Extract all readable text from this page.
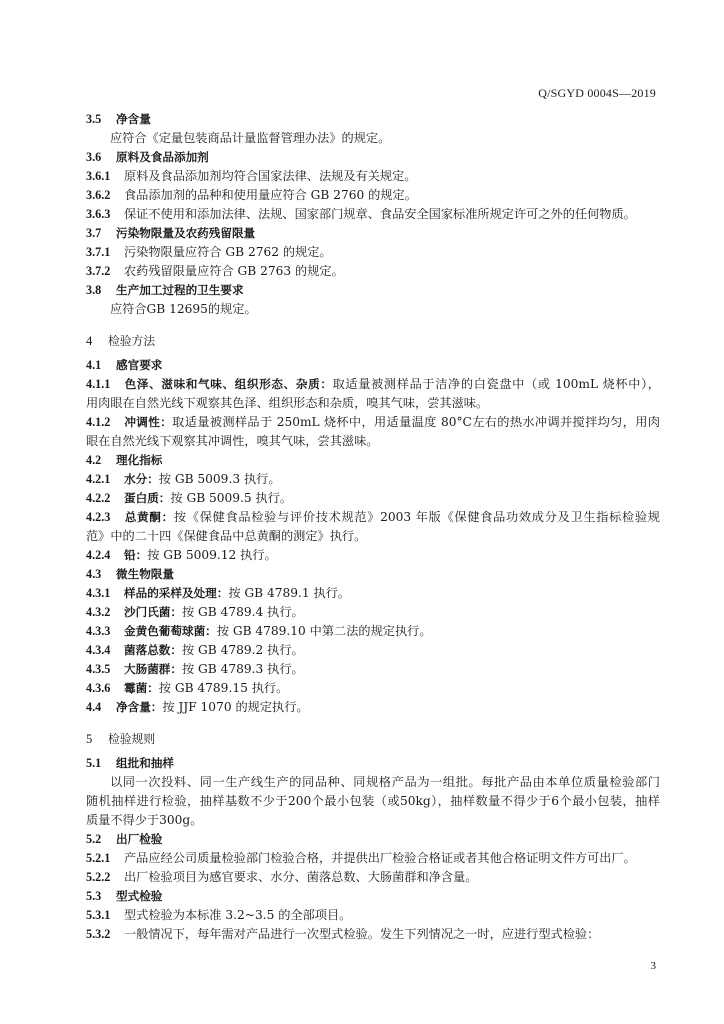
Q/SGYD 0004S—2019
3.5 净含量
应符合《定量包装商品计量监督管理办法》的规定。
3.6 原料及食品添加剂
3.6.1 原料及食品添加剂均符合国家法律、法规及有关规定。
3.6.2 食品添加剂的品种和使用量应符合 GB 2760 的规定。
3.6.3 保证不使用和添加法律、法规、国家部门规章、食品安全国家标准所规定许可之外的任何物质。
3.7 污染物限量及农药残留限量
3.7.1 污染物限量应符合 GB 2762 的规定。
3.7.2 农药残留限量应符合 GB 2763 的规定。
3.8 生产加工过程的卫生要求
应符合GB 12695的规定。
4 检验方法
4.1 感官要求
4.1.1 色泽、滋味和气味、组织形态、杂质：取适量被测样品于洁净的白瓷盘中（或 100mL 烧杯中），
用肉眼在自然光线下观察其色泽、组织形态和杂质，嗅其气味，尝其滋味。
4.1.2 冲调性：取适量被测样品于 250mL 烧杯中，用适量温度 80°C左右的热水冲调并搅拌均匀，用肉
眼在自然光线下观察其冲调性，嗅其气味，尝其滋味。
4.2 理化指标
4.2.1 水分：按 GB 5009.3 执行。
4.2.2 蛋白质：按 GB 5009.5 执行。
4.2.3 总黄酮：按《保健食品检验与评价技术规范》2003 年版《保健食品功效成分及卫生指标检验规
范》中的二十四《保健食品中总黄酮的测定》执行。
4.2.4 铅：按 GB 5009.12 执行。
4.3 微生物限量
4.3.1 样品的采样及处理：按 GB 4789.1 执行。
4.3.2 沙门氏菌：按 GB 4789.4 执行。
4.3.3 金黄色葡萄球菌：按 GB 4789.10 中第二法的规定执行。
4.3.4 菌落总数：按 GB 4789.2 执行。
4.3.5 大肠菌群：按 GB 4789.3 执行。
4.3.6 霉菌：按 GB 4789.15 执行。
4.4 净含量：按 JJF 1070 的规定执行。
5 检验规则
5.1 组批和抽样
以同一次投料、同一生产线生产的同品种、同规格产品为一组批。每批产品由本单位质量检验部门
随机抽样进行检验，抽样基数不少于200个最小包装（或50kg），抽样数量不得少于6个最小包装，抽样
质量不得少于300g。
5.2 出厂检验
5.2.1 产品应经公司质量检验部门检验合格，并提供出厂检验合格证或者其他合格证明文件方可出厂。
5.2.2 出厂检验项目为感官要求、水分、菌落总数、大肠菌群和净含量。
5.3 型式检验
5.3.1 型式检验为本标准 3.2~3.5 的全部项目。
5.3.2 一般情况下，每年需对产品进行一次型式检验。发生下列情况之一时，应进行型式检验：
3
